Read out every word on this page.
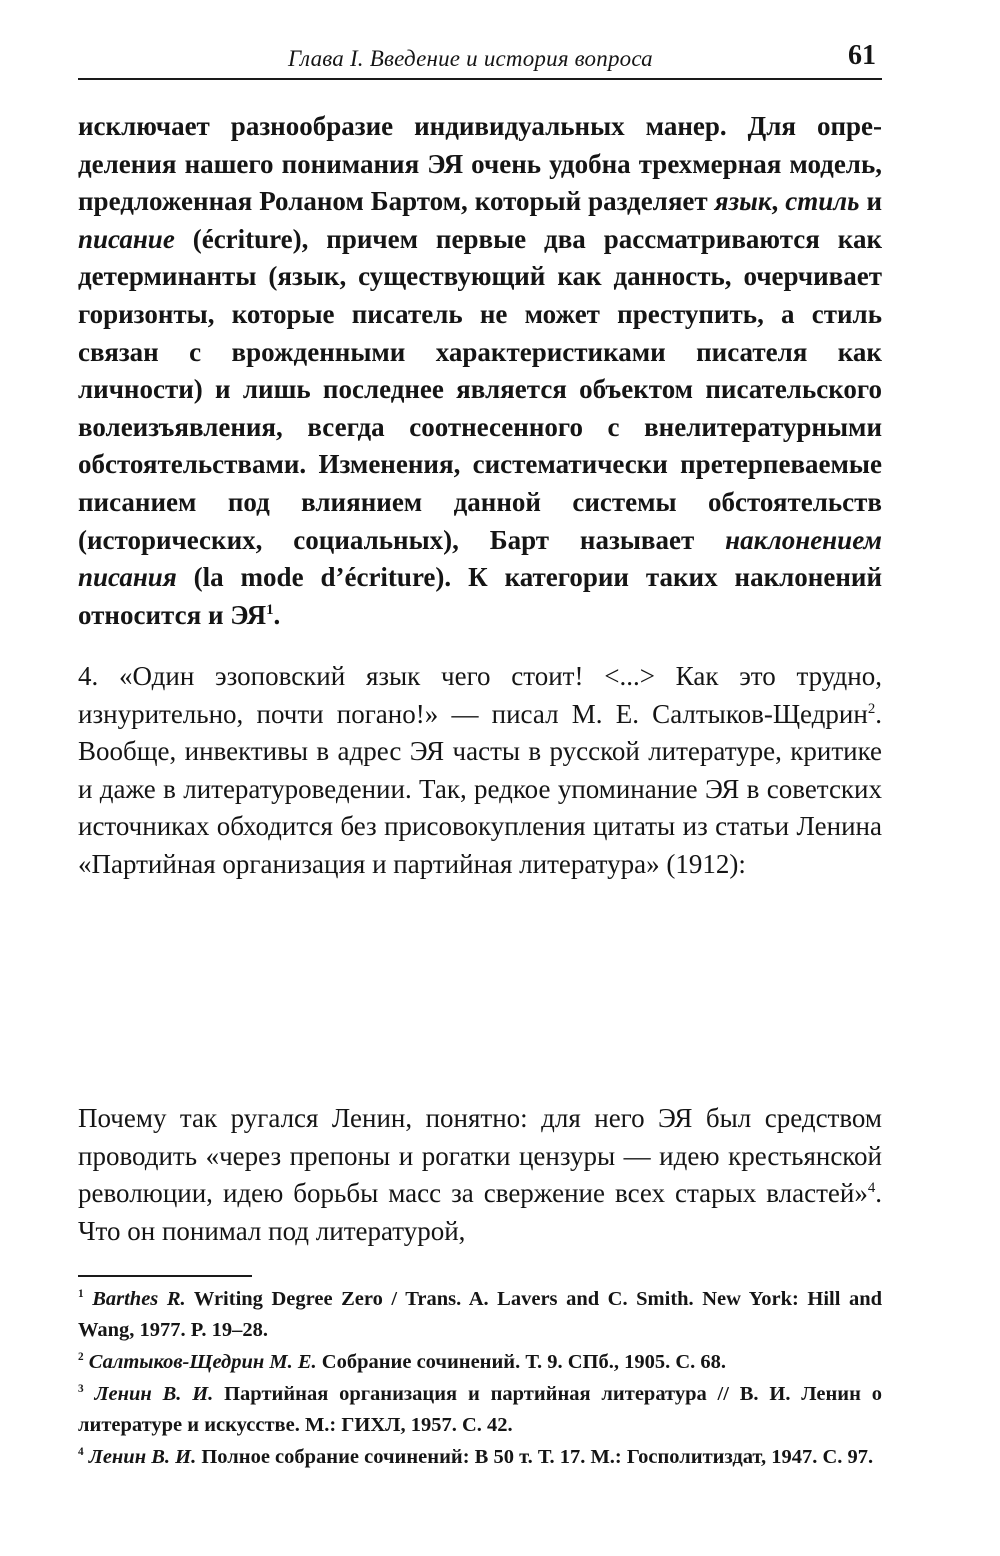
Глава I. Введение и история вопроса	61

исключает разнообразие индивидуальных манер. Для определения нашего понимания ЭЯ очень удобна трехмерная модель, предложенная Роланом Бартом, который разделяет язык, стиль и писание (écriture), причем первые два рассматриваются как детерминанты (язык, существующий как данность, очерчивает горизонты, которые писатель не может преступить, а стиль связан с врожденными характеристиками писателя как личности) и лишь последнее является объектом писательского волеизъявления, всегда соотнесенного с внелитературными обстоятельствами. Изменения, систематически претерпеваемые писанием под влиянием данной системы обстоятельств (исторических, социальных), Барт называет наклонением писания (la mode d’écriture). К категории таких наклонений относится и $ЭЯ^1$.

4. «Один эзоповский язык чего стоит! <...> Как это трудно, изнурительно, почти погано!» — писал М. Е. Салтыков-Щедрин$^2$. Вообще, инвективы в адрес ЭЯ часты в русской литературе, критике и даже в литературоведении. Так, редкое упоминание ЭЯ в советских источниках обходится без присовокупления цитаты из статьи Ленина «Партийная организация и партийная литература» (1912):

Почему так ругался Ленин, понятно: для него ЭЯ был средством проводить «через препоны и рогатки цензуры — идею крестьянской революции, идею борьбы масс за свержение всех старых властей»$^4$. Что он понимал под литературой,

$^1$ Barthes R. Writing Degree Zero / Trans. A. Lavers and C. Smith. New York: Hill and Wang, 1977. P. 19–28.

$^2$ Салтыков-Щедрин М. Е. Собрание сочинений. Т. 9. СПб., 1905. С. 68.

$^3$ Ленин В. И. Партийная организация и партийная литература // В. И. Ленин о литературе и искусстве. М.: ГИХЛ, 1957. С. 42.

$^4$ Ленин В. И. Полное собрание сочинений: В 50 т. Т. 17. М.: Госполитиздат, 1947. С. 97.
